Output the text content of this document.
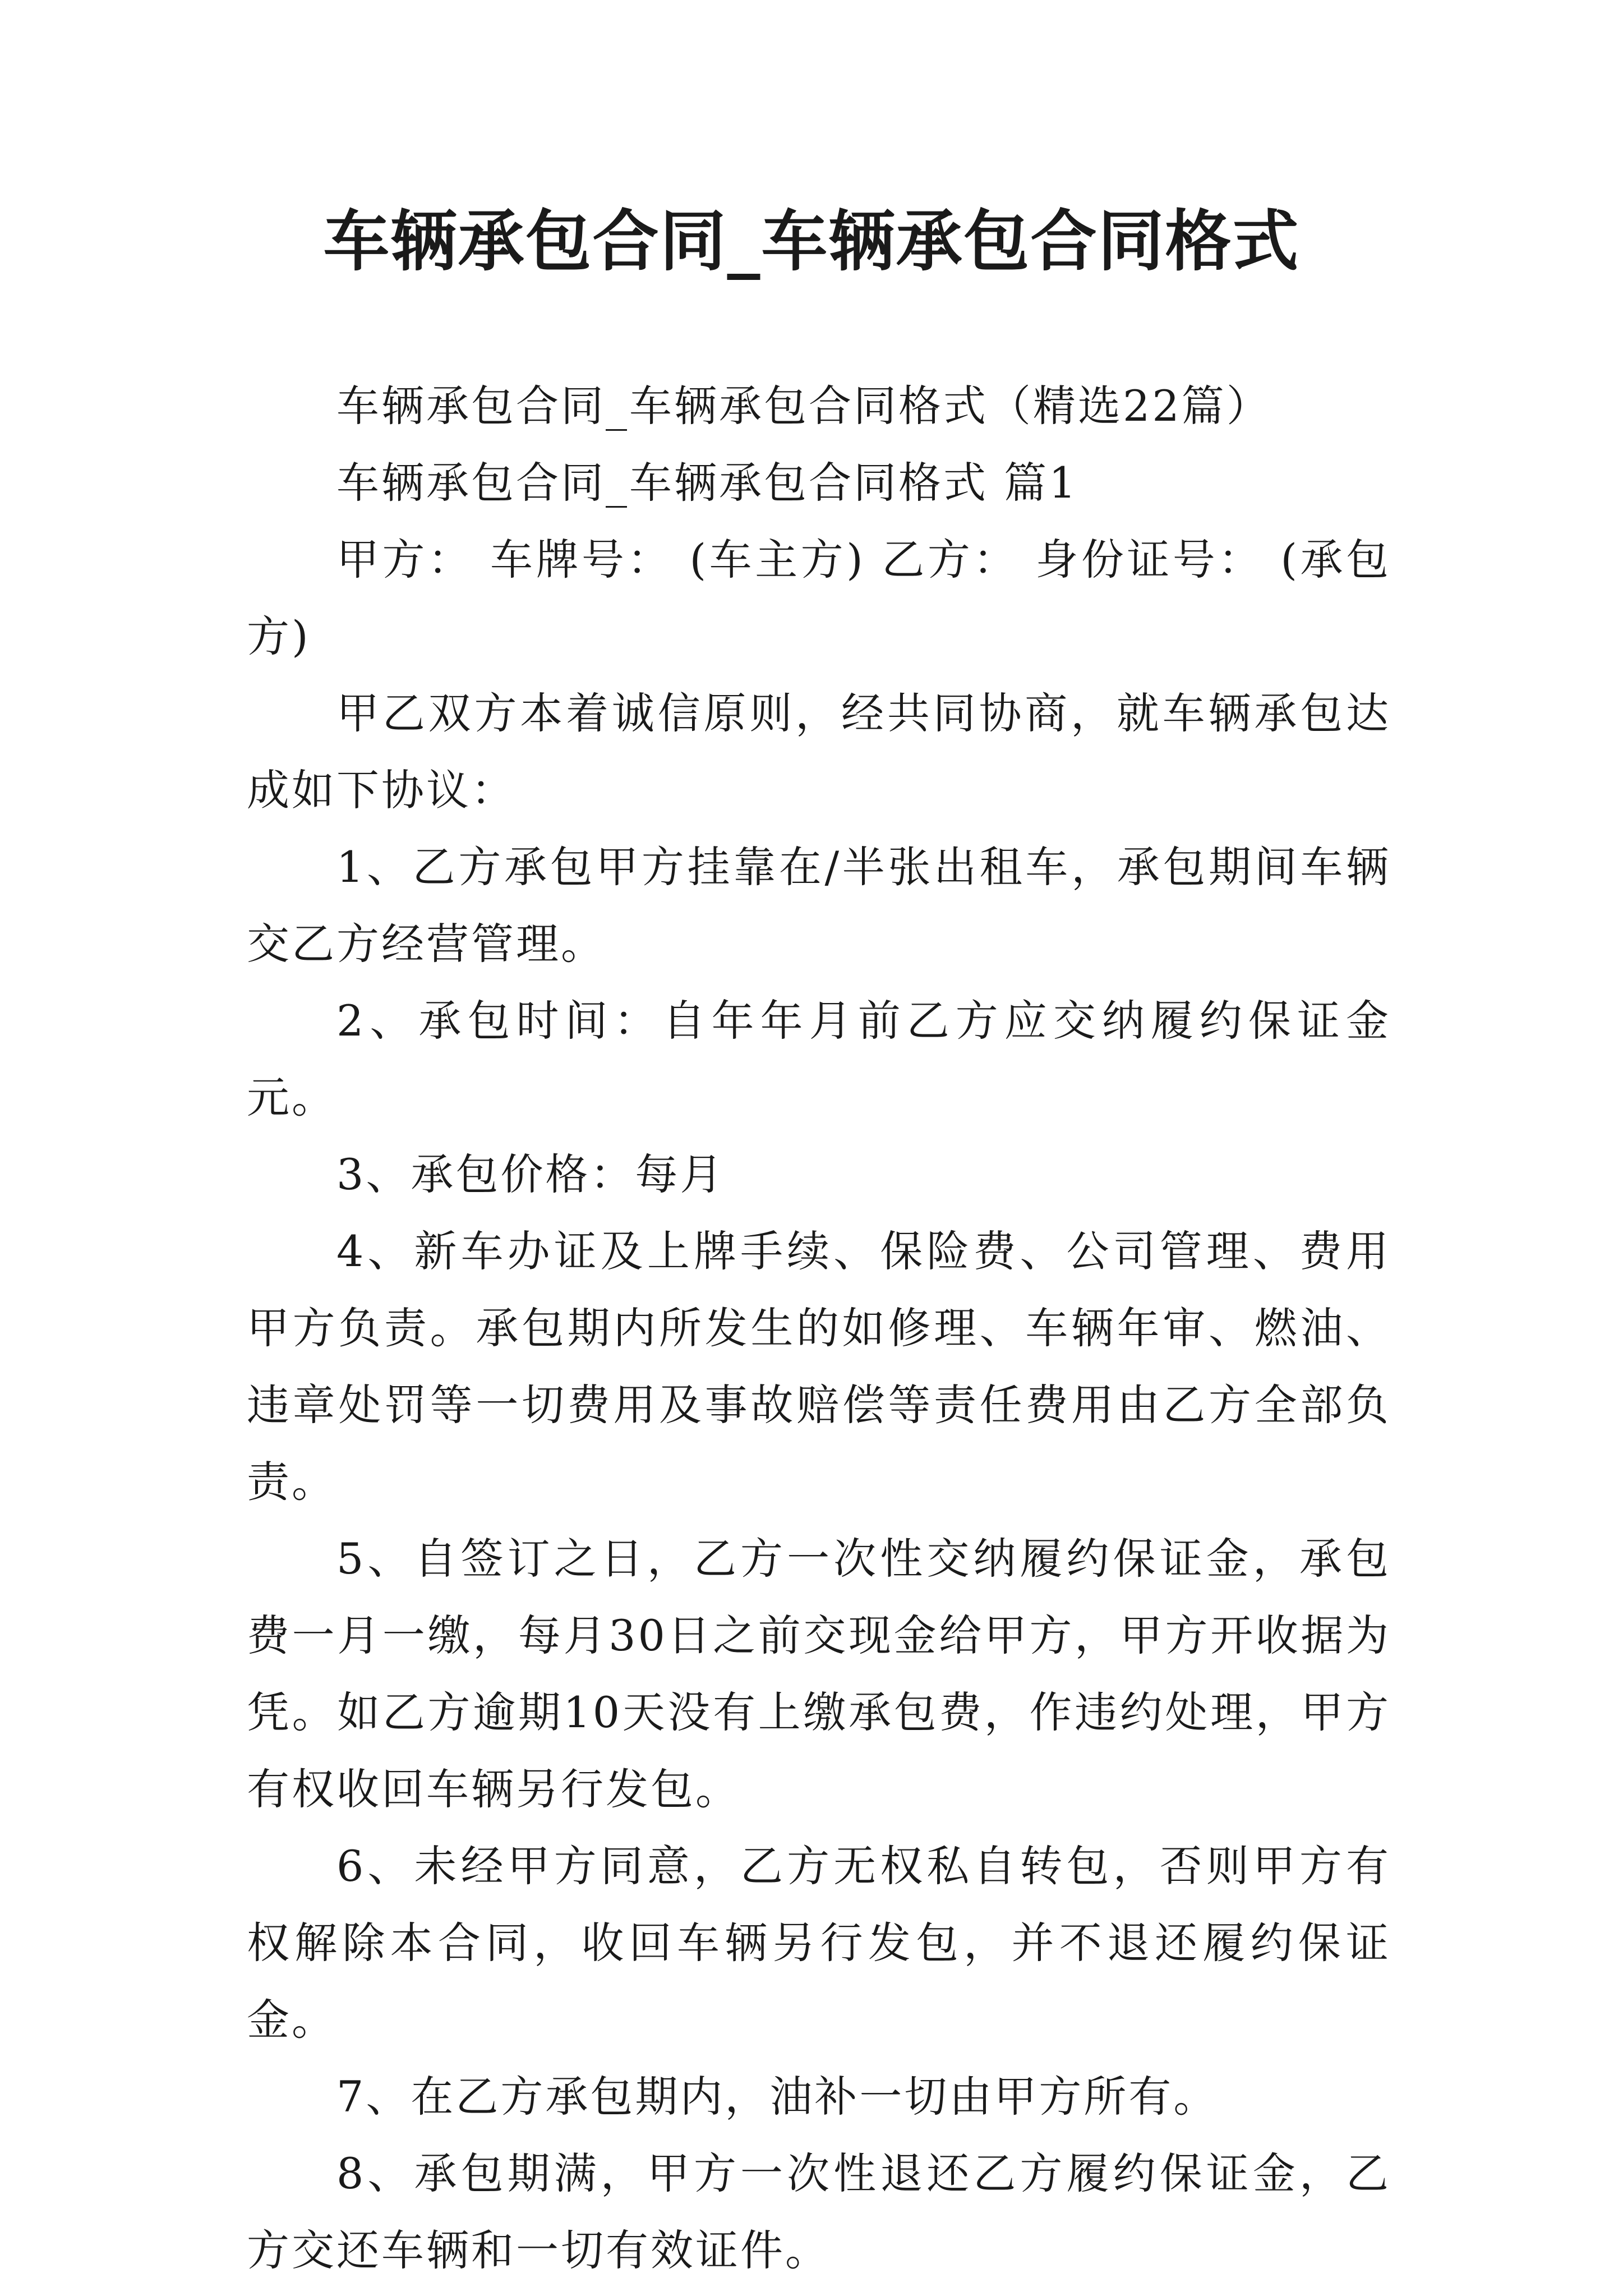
车辆承包合同_车辆承包合同格式

车辆承包合同_车辆承包合同格式（精选22篇）

车辆承包合同_车辆承包合同格式 篇1

甲方： 车牌号： (车主方) 乙方： 身份证号： (承包方)

甲乙双方本着诚信原则，经共同协商，就车辆承包达成如下协议：

1、乙方承包甲方挂靠在/半张出租车，承包期间车辆交乙方经营管理。

2、承包时间：自年年月前乙方应交纳履约保证金 元。

3、承包价格：每月

4、新车办证及上牌手续、保险费、公司管理、费用甲方负责。承包期内所发生的如修理、车辆年审、燃油、违章处罚等一切费用及事故赔偿等责任费用由乙方全部负责。

5、自签订之日，乙方一次性交纳履约保证金，承包费一月一缴，每月30日之前交现金给甲方，甲方开收据为凭。如乙方逾期10天没有上缴承包费，作违约处理，甲方有权收回车辆另行发包。

6、未经甲方同意，乙方无权私自转包，否则甲方有权解除本合同，收回车辆另行发包，并不退还履约保证金。

7、在乙方承包期内，油补一切由甲方所有。

8、承包期满，甲方一次性退还乙方履约保证金，乙方交还车辆和一切有效证件。
